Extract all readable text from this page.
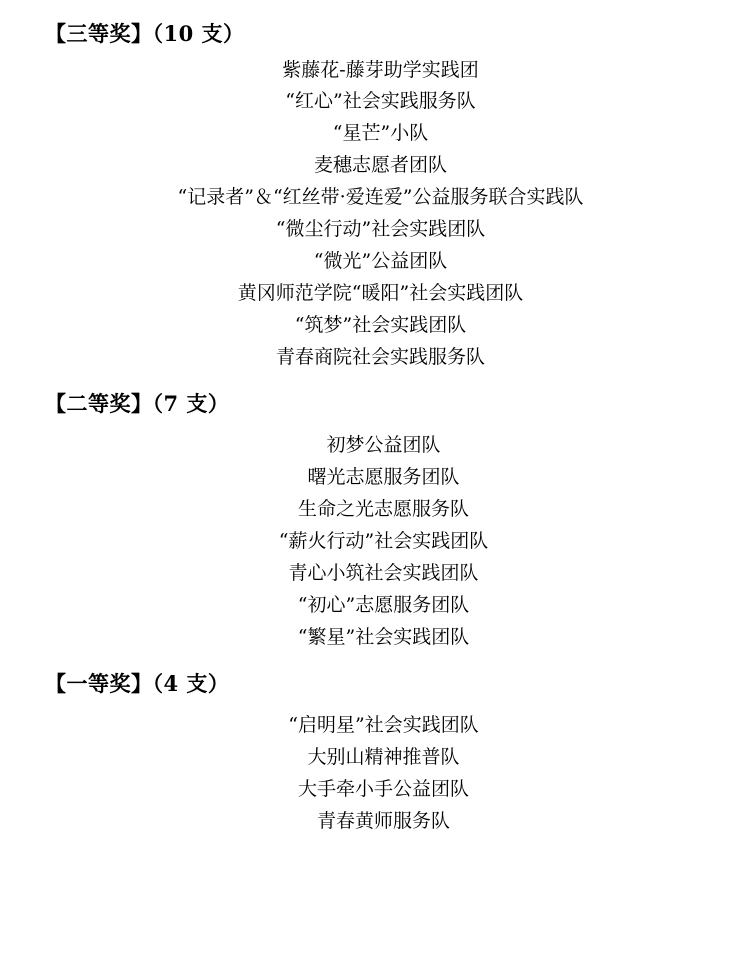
【三等奖】（10 支）
紫藤花-藤芽助学实践团
“红心”社会实践服务队
“星芒”小队
麦穗志愿者团队
“记录者”＆“红丝带·爱连爱”公益服务联合实践队
“微尘行动”社会实践团队
“微光”公益团队
黄冈师范学院“暖阳”社会实践团队
“筑梦”社会实践团队
青春商院社会实践服务队
【二等奖】（7 支）
初梦公益团队
曙光志愿服务团队
生命之光志愿服务队
“薪火行动”社会实践团队
青心小筑社会实践团队
“初心”志愿服务团队
“繁星”社会实践团队
【一等奖】（4 支）
“启明星”社会实践团队
大别山精神推普队
大手牵小手公益团队
青春黄师服务队
